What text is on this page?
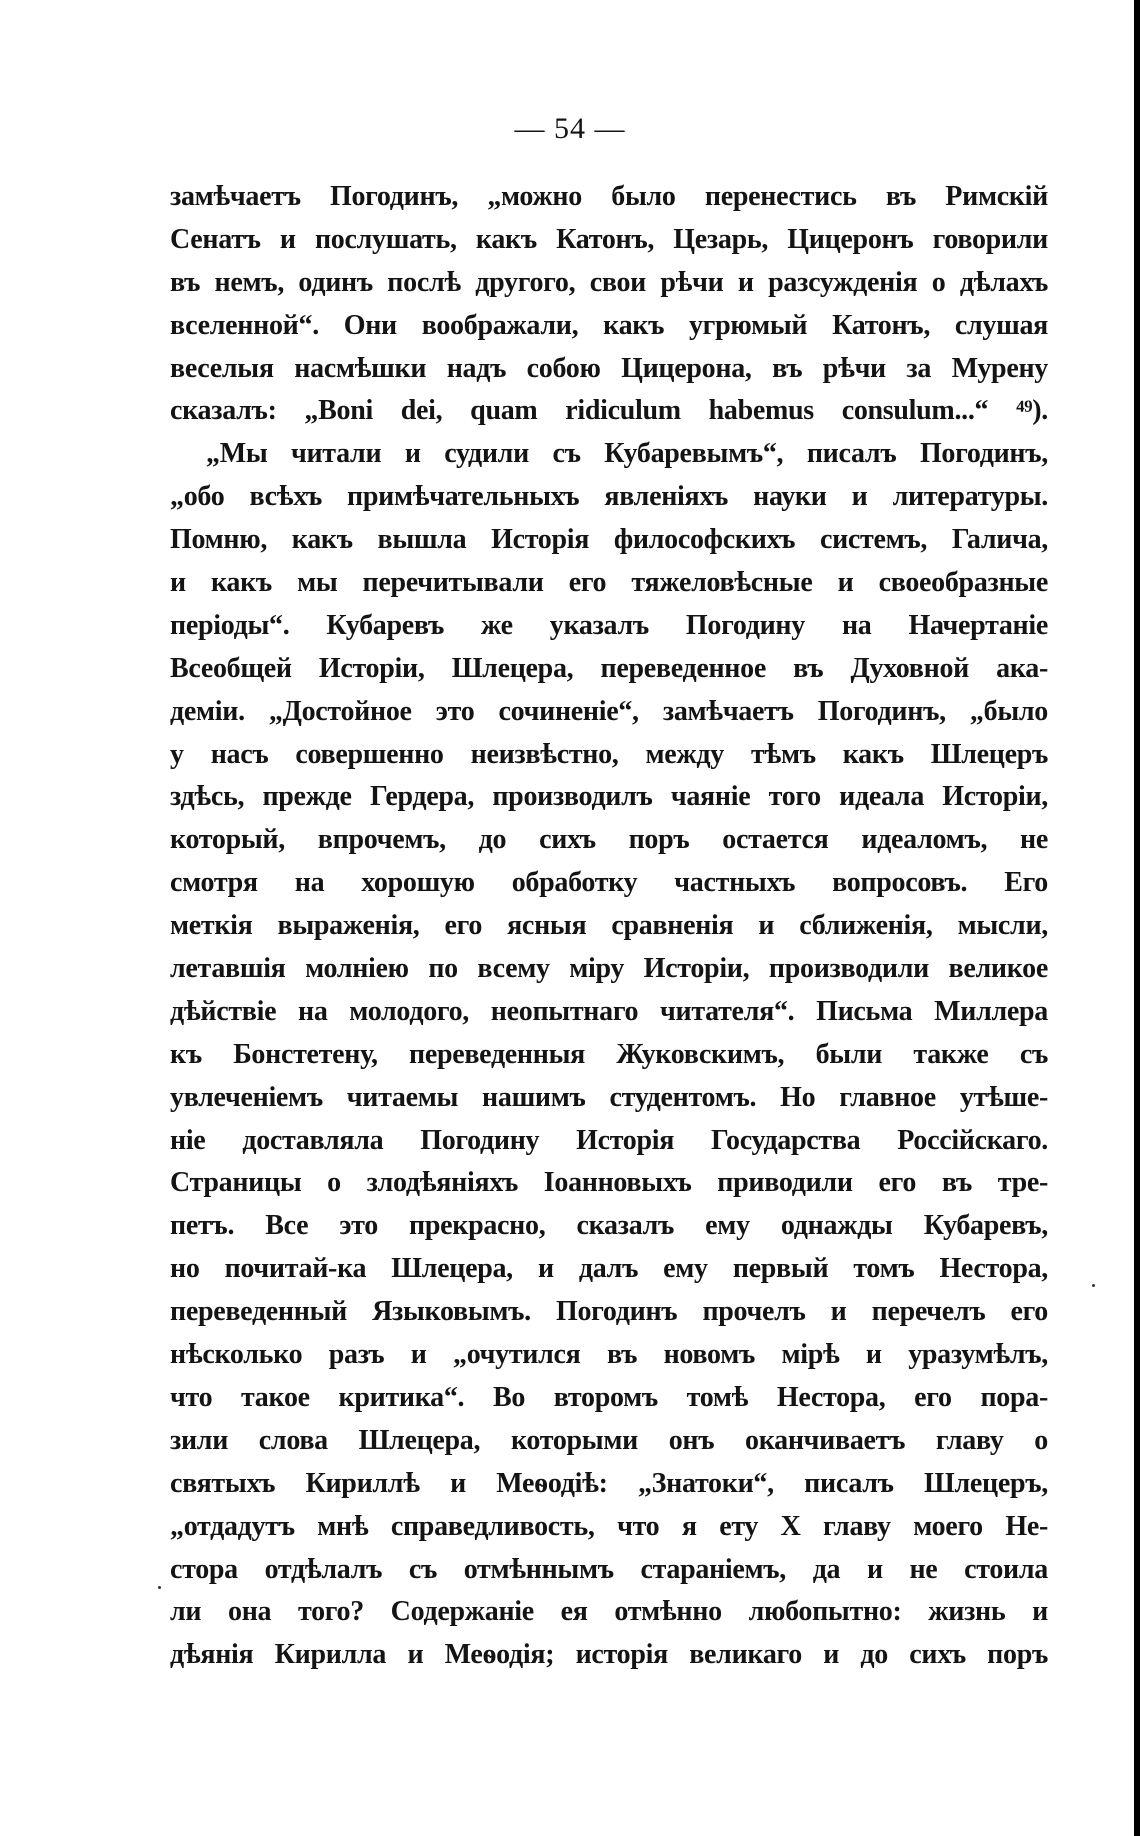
— 54 —
замѣчаетъ Погодинъ, „можно было перенестись въ Римскій
Сенатъ и послушать, какъ Катонъ, Цезарь, Цицеронъ говорили
въ немъ, одинъ послѣ другого, свои рѣчи и разсужденія о дѣлахъ
вселенной“. Они воображали, какъ угрюмый Катонъ, слушая
веселыя насмѣшки надъ собою Цицерона, въ рѣчи за Мурену
сказалъ: „Boni dei, quam ridiculum habemus consulum...“ ⁴⁹).
„Мы читали и судили съ Кубаревымъ“, писалъ Погодинъ,
„обо всѣхъ примѣчательныхъ явленіяхъ науки и литературы.
Помню, какъ вышла Исторія философскихъ системъ, Галича,
и какъ мы перечитывали его тяжеловѣсные и своеобразные
періоды“. Кубаревъ же указалъ Погодину на Начертаніе
Всеобщей Исторіи, Шлецера, переведенное въ Духовной ака-
деміи. „Достойное это сочиненіе“, замѣчаетъ Погодинъ, „было
у насъ совершенно неизвѣстно, между тѣмъ какъ Шлецеръ
здѣсь, прежде Гердера, производилъ чаяніе того идеала Исторіи,
который, впрочемъ, до сихъ поръ остается идеаломъ, не
смотря на хорошую обработку частныхъ вопросовъ. Его
меткія выраженія, его ясныя сравненія и сближенія, мысли,
летавшія молніею по всему міру Исторіи, производили великое
дѣйствіе на молодого, неопытнаго читателя“. Письма Миллера
къ Бонстетену, переведенныя Жуковскимъ, были также съ
увлеченіемъ читаемы нашимъ студентомъ. Но главное утѣше-
ніе доставляла Погодину Исторія Государства Россійскаго.
Страницы о злодѣяніяхъ Іоанновыхъ приводили его въ тре-
петъ. Все это прекрасно, сказалъ ему однажды Кубаревъ,
но почитай-ка Шлецера, и далъ ему первый томъ Нестора,
переведенный Языковымъ. Погодинъ прочелъ и перечелъ его
нѣсколько разъ и „очутился въ новомъ мірѣ и уразумѣлъ,
что такое критика“. Во второмъ томѣ Нестора, его пора-
зили слова Шлецера, которыми онъ оканчиваетъ главу о
святыхъ Кириллѣ и Меѳодіѣ: „Знатоки“, писалъ Шлецеръ,
„отдадутъ мнѣ справедливость, что я ету X главу моего Не-
стора отдѣлалъ съ отмѣннымъ стараніемъ, да и не стоила
ли она того? Содержаніе ея отмѣнно любопытно: жизнь и
дѣянія Кирилла и Меѳодія; исторія великаго и до сихъ поръ
